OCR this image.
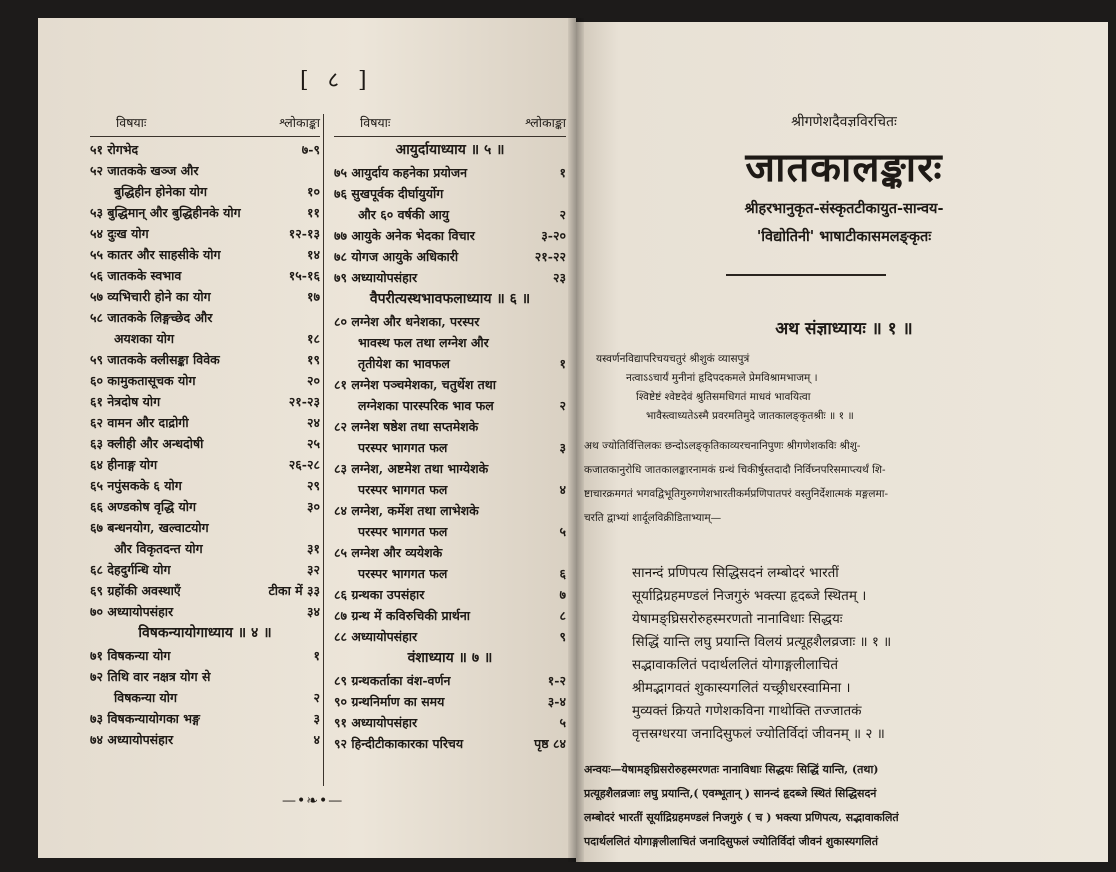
[ ८ ]
विषयाः	श्लोकाङ्का
५१ रोगभेद	७-९
५२ जातकके खञ्ज और
बुद्धिहीन होनेका योग	१०
५३ बुद्धिमान् और बुद्धिहीनके योग	११
५४ दुःख योग	१२-१३
५५ कातर और साहसीके योग	१४
५६ जातकके स्वभाव	१५-१६
५७ व्यभिचारी होने का योग	१७
५८ जातकके लिङ्गच्छेद और
अयशका योग	१८
५९ जातकके क्लीसङ्का विवेक	१९
६० कामुकतासूचक योग	२०
६१ नेत्रदोष योग	२१-२३
६२ वामन और दाद्रोगी	२४
६३ क्लीही और अन्धदोषी	२५
६४ हीनाङ्ग योग	२६-२८
६५ नपुंसकके ६ योग	२९
६६ अण्डकोष वृद्धि योग	३०
६७ बन्धनयोग, खल्वाटयोग
और विकृतदन्त योग	३१
६८ देहदुर्गन्धि योग	३२
६९ ग्रहोंकी अवस्थाएँ	टीका में ३३
७० अध्यायोपसंहार	३४
विषकन्यायोगाध्याय ॥ ४ ॥
७१ विषकन्या योग	१
७२ तिथि वार नक्षत्र योग से
विषकन्या योग	२
७३ विषकन्यायोगका भङ्ग	३
७४ अध्यायोपसंहार	४
विषयाः	श्लोकाङ्का
आयुर्दायाध्याय ॥ ५ ॥
७५ आयुर्दाय कहनेका प्रयोजन	१
७६ सुखपूर्वक दीर्घायुर्योग
और ६० वर्षकी आयु	२
७७ आयुके अनेक भेदका विचार	३-२०
७८ योगज आयुके अधिकारी	२१-२२
७९ अध्यायोपसंहार	२३
वैपरीत्यस्थभावफलाध्याय ॥ ६ ॥
८० लग्नेश और धनेशका, परस्पर
भावस्थ फल तथा लग्नेश और
तृतीयेश का भावफल	१
८१ लग्नेश पञ्चमेशका, चतुर्थेश तथा
लग्नेशका पारस्परिक भाव फल	२
८२ लग्नेश षष्ठेश तथा सप्तमेशके
परस्पर भागगत फल	३
८३ लग्नेश, अष्टमेश तथा भाग्येशके
परस्पर भागगत फल	४
८४ लग्नेश, कर्मेश तथा लाभेशके
परस्पर भागगत फल	५
८५ लग्नेश और व्ययेशके
परस्पर भागगत फल	६
८६ ग्रन्थका उपसंहार	७
८७ ग्रन्थ में कविरुचिकी प्रार्थना	८
८८ अध्यायोपसंहार	९
वंशाध्याय ॥ ७ ॥
८९ ग्रन्थकर्ताका वंश-वर्णन	१-२
९० ग्रन्थनिर्माण का समय	३-४
९१ अध्यायोपसंहार	५
९२ हिन्दीटीकाकारका परिचय	पृष्ठ ८४
—•❧•—
श्रीगणेशदैवज्ञविरचितः
जातकालङ्कारः
श्रीहरभानुकृत-संस्कृतटीकायुत-सान्वय-
'विद्योतिनी' भाषाटीकासमलङ्कृतः
अथ संज्ञाध्यायः ॥ १ ॥
यस्वर्णनविद्यापरिचयचतुरं श्रीशुकं व्यासपुत्रं
नत्वाऽऽचार्यं मुनीनां हृदिपदकमले प्रेमविश्रामभाजम् ।
श्विष्टेष्टं श्वेष्टदेवं श्रुतिसमधिगतं माधवं भावयित्वा
भावैस्त्वाध्यतेऽस्मै प्रवरमतिमुदे जातकालङ्कृतश्रीः ॥ १ ॥
अथ ज्योतिर्वित्तिलकः छन्दोऽलङ्कृतिकाव्यरचनानिपुणः श्रीगणेशकविः श्रीशु-
कजातकानुरोधि जातकालङ्कारनामकं ग्रन्थं चिकीर्षुस्तदादौ निर्विघ्नपरिसमाप्त्यर्थं शि-
ष्टाचारक्रमगतं भगवद्विभूतिगुरुगणेशभारतीकर्मप्रणिपातपरं वस्तुनिर्देशात्मकं मङ्गलमा-
चरति द्वाभ्यां शार्दूलविक्रीडिताभ्याम्—
सानन्दं प्रणिपत्य सिद्धिसदनं लम्बोदरं भारतीं
सूर्याद्रिग्रहमण्डलं निजगुरुं भक्त्या हृदब्जे स्थितम् ।
येषामङ्घ्रिसरोरुहस्मरणतो नानाविधाः सिद्धयः
सिद्धिं यान्ति लघु प्रयान्ति विलयं प्रत्यूहशैलव्रजाः ॥ १ ॥
सद्भावाकलितं पदार्थललितं योगाङ्गलीलाचितं
श्रीमद्भागवतं शुकास्यगलितं यच्छ्रीधरस्वामिना ।
मुव्यक्तं क्रियते गणेशकविना गाथोक्ति तज्जातकं
वृत्तस्रग्धरया जनादिसुफलं ज्योतिर्विदां जीवनम् ॥ २ ॥
अन्वयः—येषामङ्घ्रिसरोरुहस्मरणतः नानाविधाः सिद्धयः सिद्धिं यान्ति, (तथा)
प्रत्यूहशैलव्रजाः लघु प्रयान्ति,( एवम्भूतान् ) सानन्दं हृदब्जे स्थितं सिद्धिसदनं
लम्बोदरं भारतीं सूर्याद्रिग्रहमण्डलं निजगुरुं ( च ) भक्त्या प्रणिपत्य, सद्भावाकलितं
पदार्थललितं योगाङ्गलीलाचितं जनादिसुफलं ज्योतिर्विदां जीवनं शुकास्यगलितं
